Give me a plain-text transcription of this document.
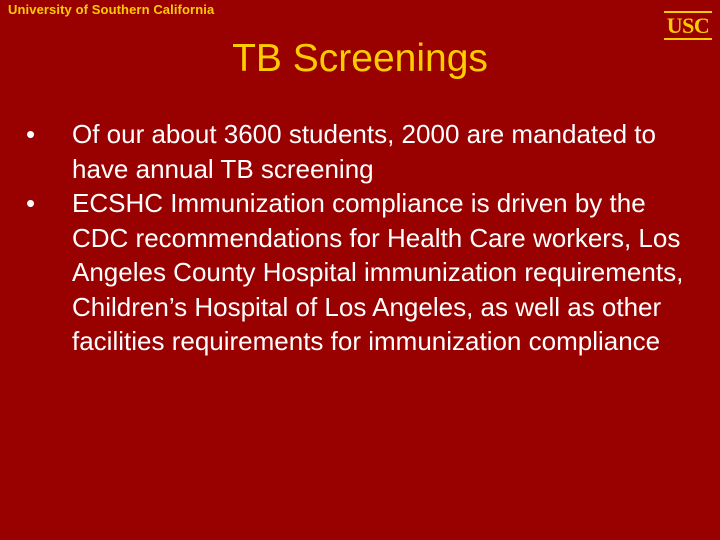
University of Southern California
USC
TB Screenings
•	Of our about 3600 students, 2000 are mandated to have annual TB screening
•	ECSHC Immunization compliance is driven by the CDC recommendations for Health Care workers, Los Angeles County Hospital immunization requirements, Children’s Hospital of Los Angeles, as well as other facilities requirements for immunization compliance
